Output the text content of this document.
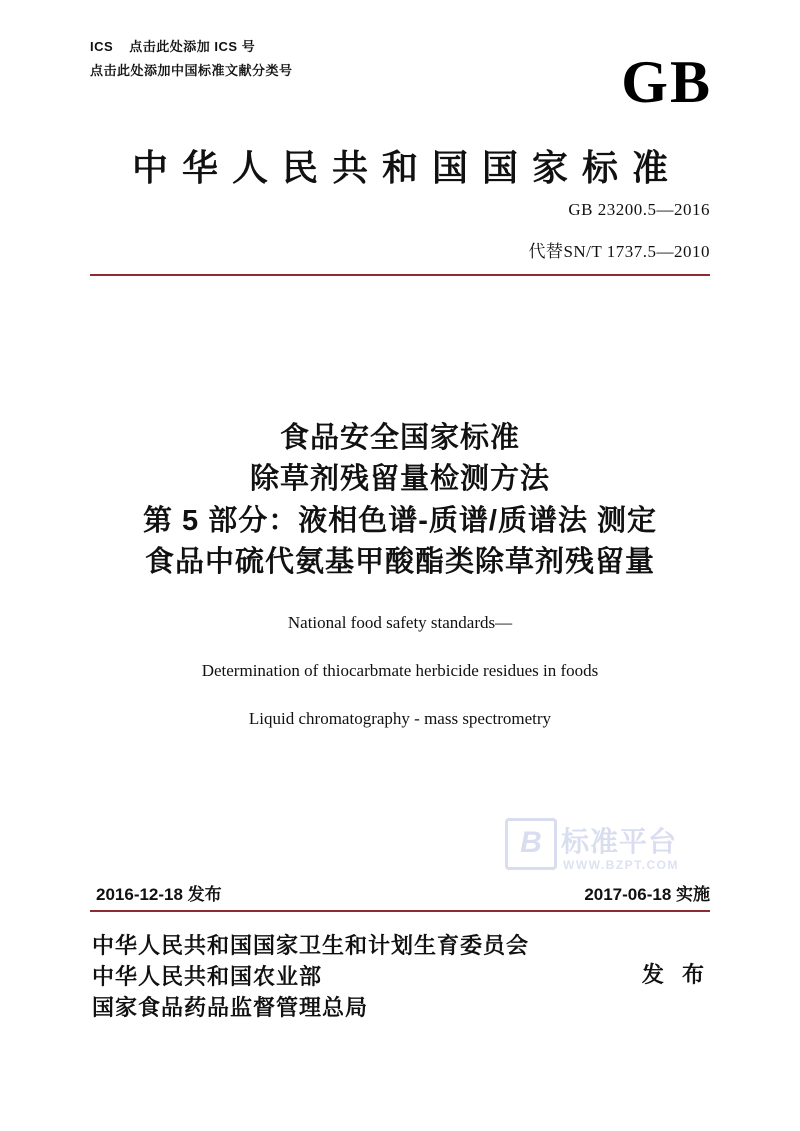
ICS 点击此处添加 ICS 号
点击此处添加中国标准文献分类号	GB
中华人民共和国国家标准
GB 23200.5—2016
代替SN/T 1737.5—2010
食品安全国家标准
除草剂残留量检测方法
第 5 部分：液相色谱-质谱/质谱法 测定
食品中硫代氨基甲酸酯类除草剂残留量
National food safety standards—
Determination of thiocarbmate herbicide residues in foods
Liquid chromatography - mass spectrometry
B 标准平台
WWW.BZPT.COM
2016-12-18 发布	2017-06-18 实施
中华人民共和国国家卫生和计划生育委员会
中华人民共和国农业部
国家食品药品监督管理总局
发 布
